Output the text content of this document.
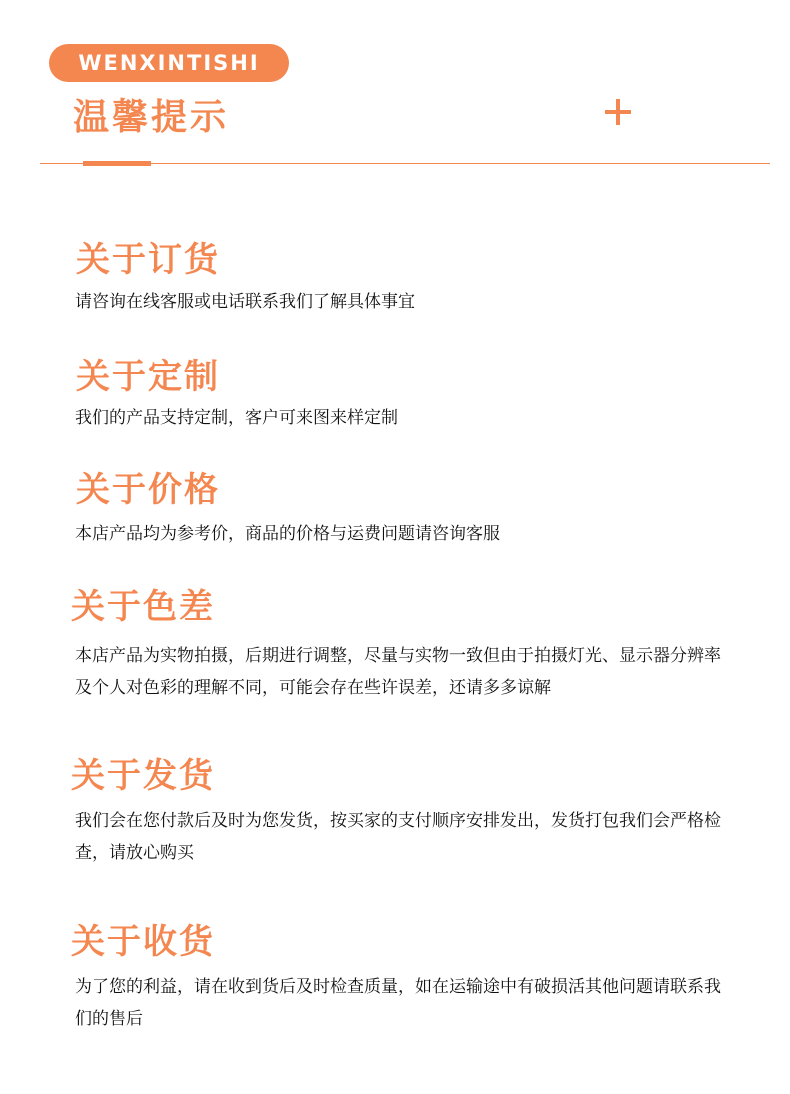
WENXINTISHI
温馨提示
关于订货

请咨询在线客服或电话联系我们了解具体事宜

关于定制

我们的产品支持定制，客户可来图来样定制

关于价格

本店产品均为参考价，商品的价格与运费问题请咨询客服

关于色差

本店产品为实物拍摄，后期进行调整，尽量与实物一致但由于拍摄灯光、显示器分辨率及个人对色彩的理解不同，可能会存在些许误差，还请多多谅解

关于发货

我们会在您付款后及时为您发货，按买家的支付顺序安排发出，发货打包我们会严格检查，请放心购买

关于收货

为了您的利益，请在收到货后及时检查质量，如在运输途中有破损活其他问题请联系我们的售后
